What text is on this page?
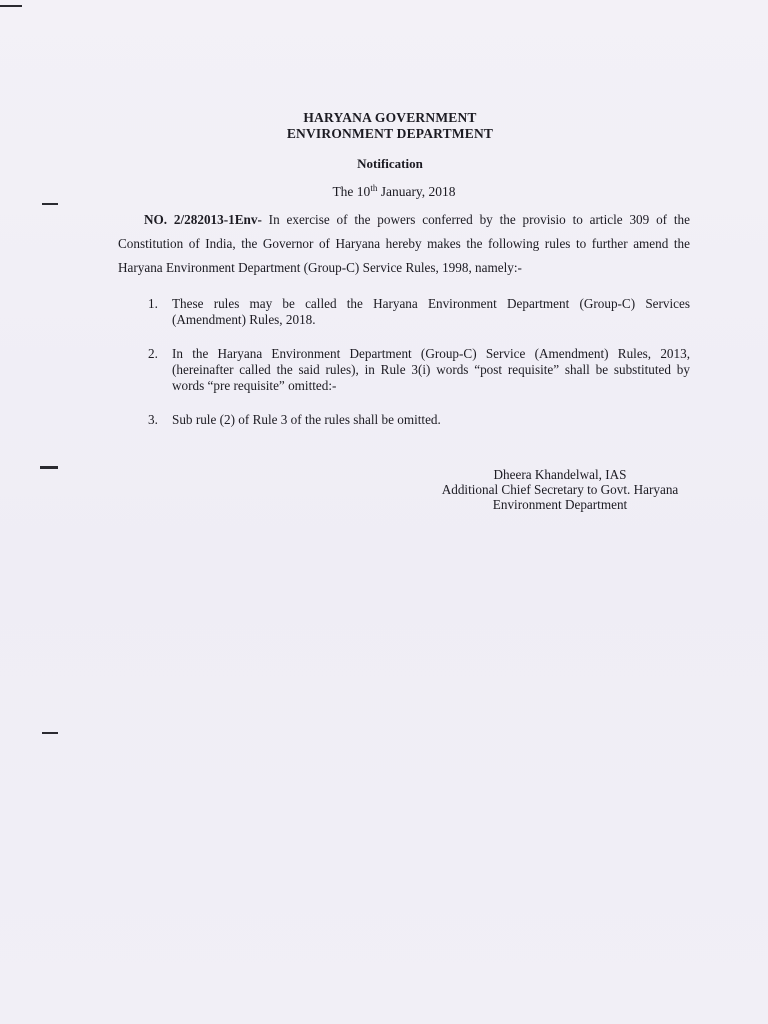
HARYANA GOVERNMENT
ENVIRONMENT DEPARTMENT
Notification
The 10th January, 2018
NO. 2/282013-1Env- In exercise of the powers conferred by the provisio to article 309 of the
Constitution of India, the Governor of Haryana hereby makes the following rules to further amend the
Haryana Environment Department (Group-C) Service Rules, 1998, namely:-
1. These rules may be called the Haryana Environment Department (Group-C) Services (Amendment) Rules, 2018.
2. In the Haryana Environment Department (Group-C) Service (Amendment) Rules, 2013, (hereinafter called the said rules), in Rule 3(i) words “post requisite” shall be substituted by words “pre requisite” omitted:-
3. Sub rule (2) of Rule 3 of the rules shall be omitted.
Dheera Khandelwal, IAS
Additional Chief Secretary to Govt. Haryana
Environment Department
